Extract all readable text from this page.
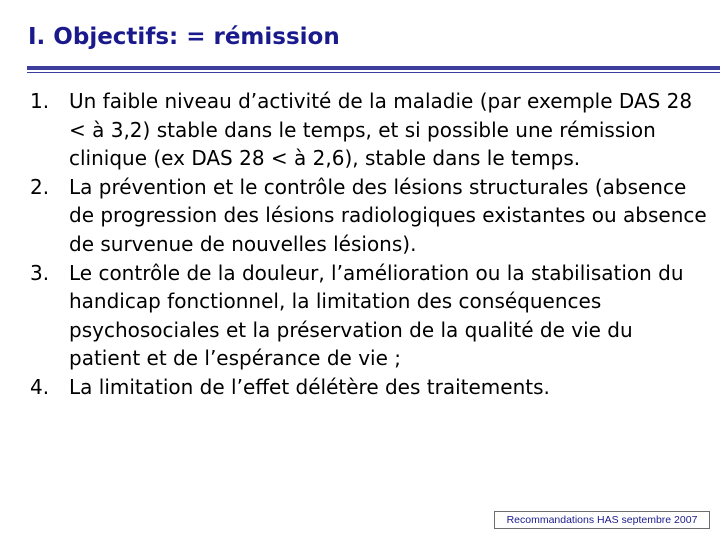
I. Objectifs: = rémission
1. Un faible niveau d’activité de la maladie (par exemple DAS 28 < à 3,2) stable dans le temps, et si possible une rémission clinique (ex DAS 28 < à 2,6), stable dans le temps.
2. La prévention et le contrôle des lésions structurales (absence de progression des lésions radiologiques existantes ou absence de survenue de nouvelles lésions).
3. Le contrôle de la douleur, l’amélioration ou la stabilisation du handicap fonctionnel, la limitation des conséquences psychosociales et la préservation de la qualité de vie du patient et de l’espérance de vie ;
4. La limitation de l’effet délétère des traitements.
Recommandations HAS septembre 2007
